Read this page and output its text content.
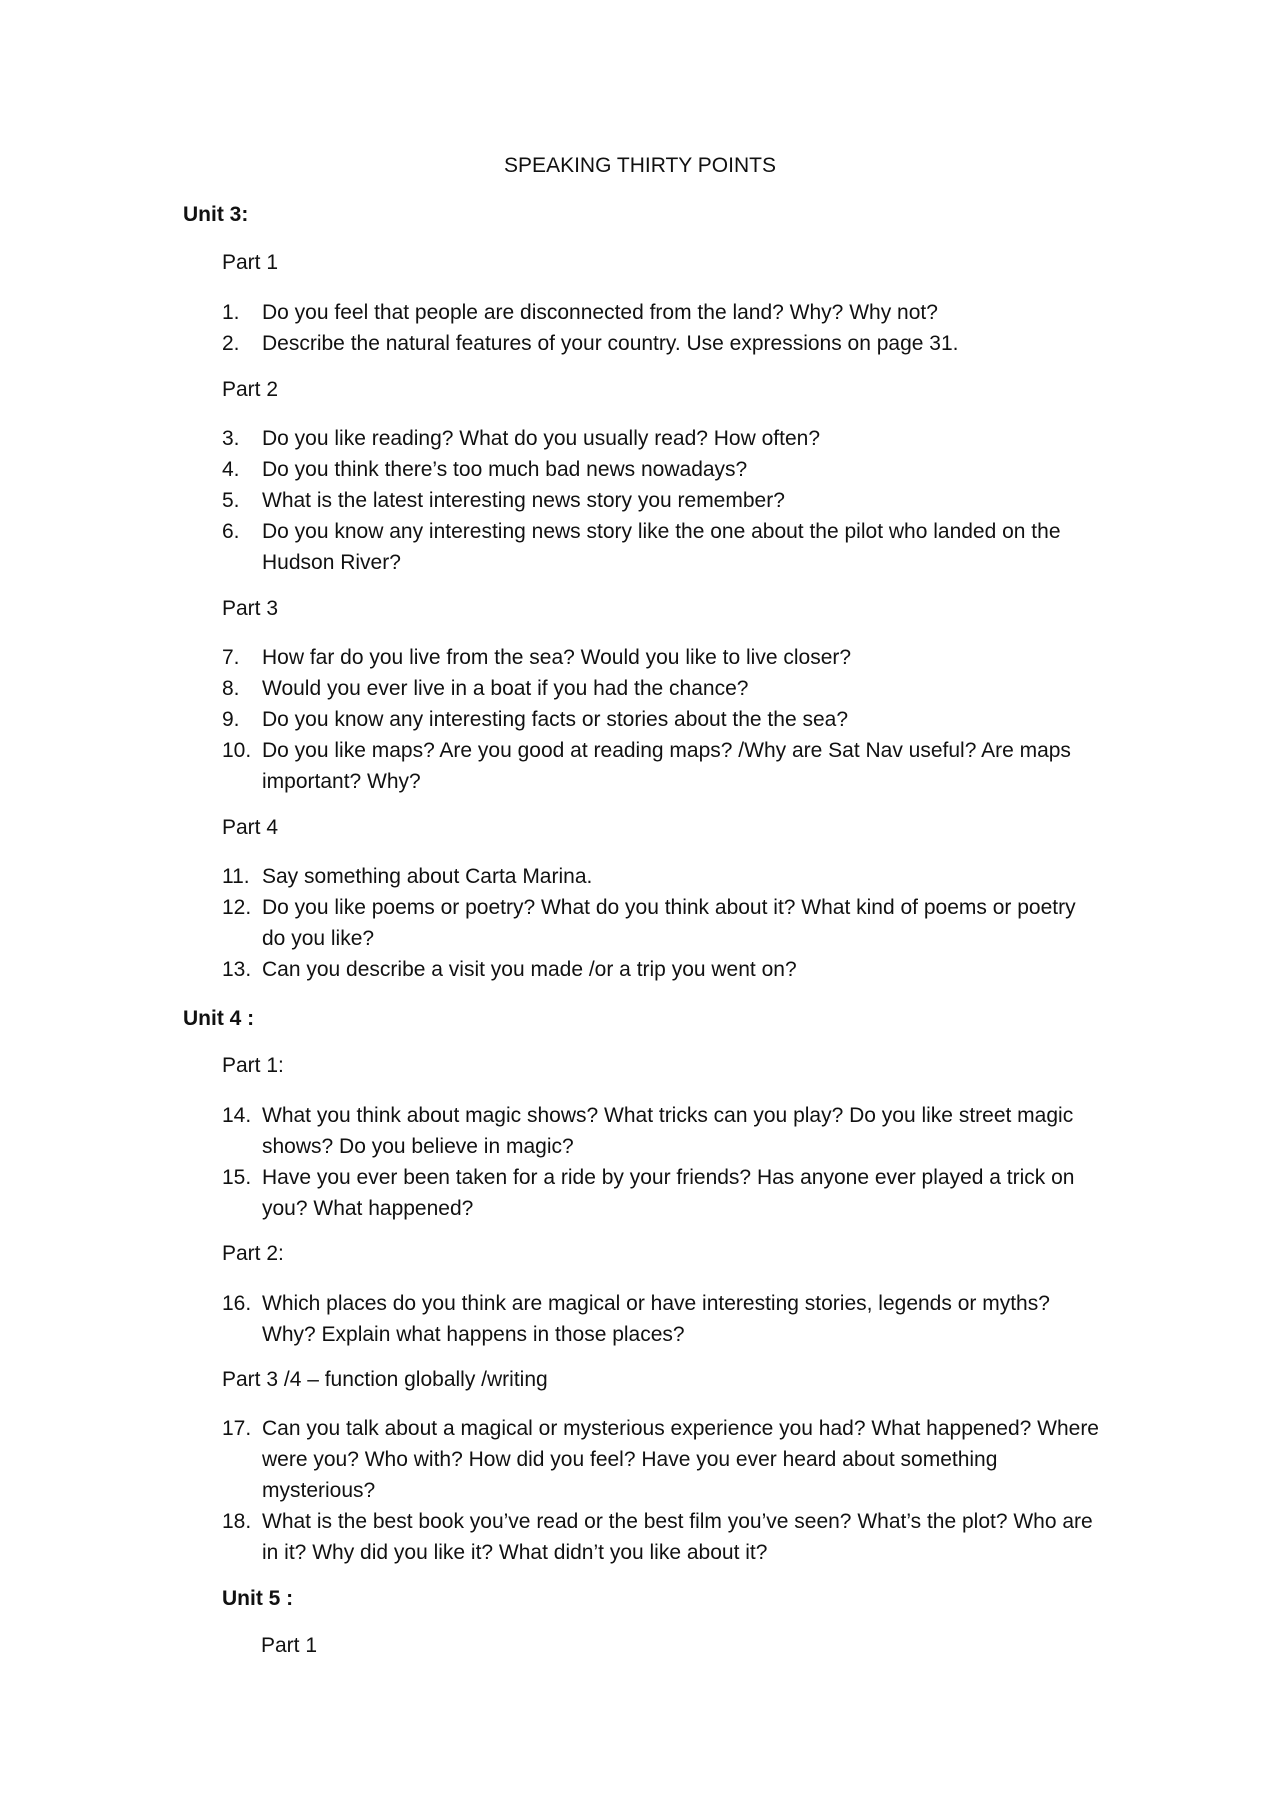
SPEAKING THIRTY POINTS
Unit 3:
Part 1
1.	Do you feel that people are disconnected from the land? Why? Why not?
2.	Describe the natural features of your country. Use expressions on page 31.
Part 2
3.	Do you like reading? What do you usually read? How often?
4.	Do you think there’s too much bad news nowadays?
5.	What is the latest interesting news story you remember?
6.	Do you know any interesting news story like the one about the pilot who landed on the Hudson River?
Part 3
7.	How far do you live from the sea? Would you like to live closer?
8.	Would you ever live in a boat if you had the chance?
9.	Do you know any interesting facts or stories about the the sea?
10. Do you like maps? Are you good at reading maps? /Why are Sat Nav useful? Are maps important? Why?
Part 4
11. Say something about Carta Marina.
12. Do you like poems or poetry? What do you think about it? What kind of poems or poetry do you like?
13. Can you describe a visit you made /or a trip you went on?
Unit 4 :
Part 1:
14. What you think about magic shows? What tricks can you play? Do you like street magic shows? Do you believe in magic?
15. Have you ever been taken for a ride by your friends? Has anyone ever played a trick on you? What happened?
Part 2:
16. Which places do you think are magical or have interesting stories, legends or myths? Why? Explain what happens in those places?
Part 3 /4 – function globally /writing
17. Can you talk about a magical or mysterious experience you had? What happened? Where were you? Who with? How did you feel? Have you ever heard about something mysterious?
18. What is the best book you’ve read or the best film you’ve seen? What’s the plot? Who are in it? Why did you like it? What didn’t you like about it?
Unit 5 :
Part 1
